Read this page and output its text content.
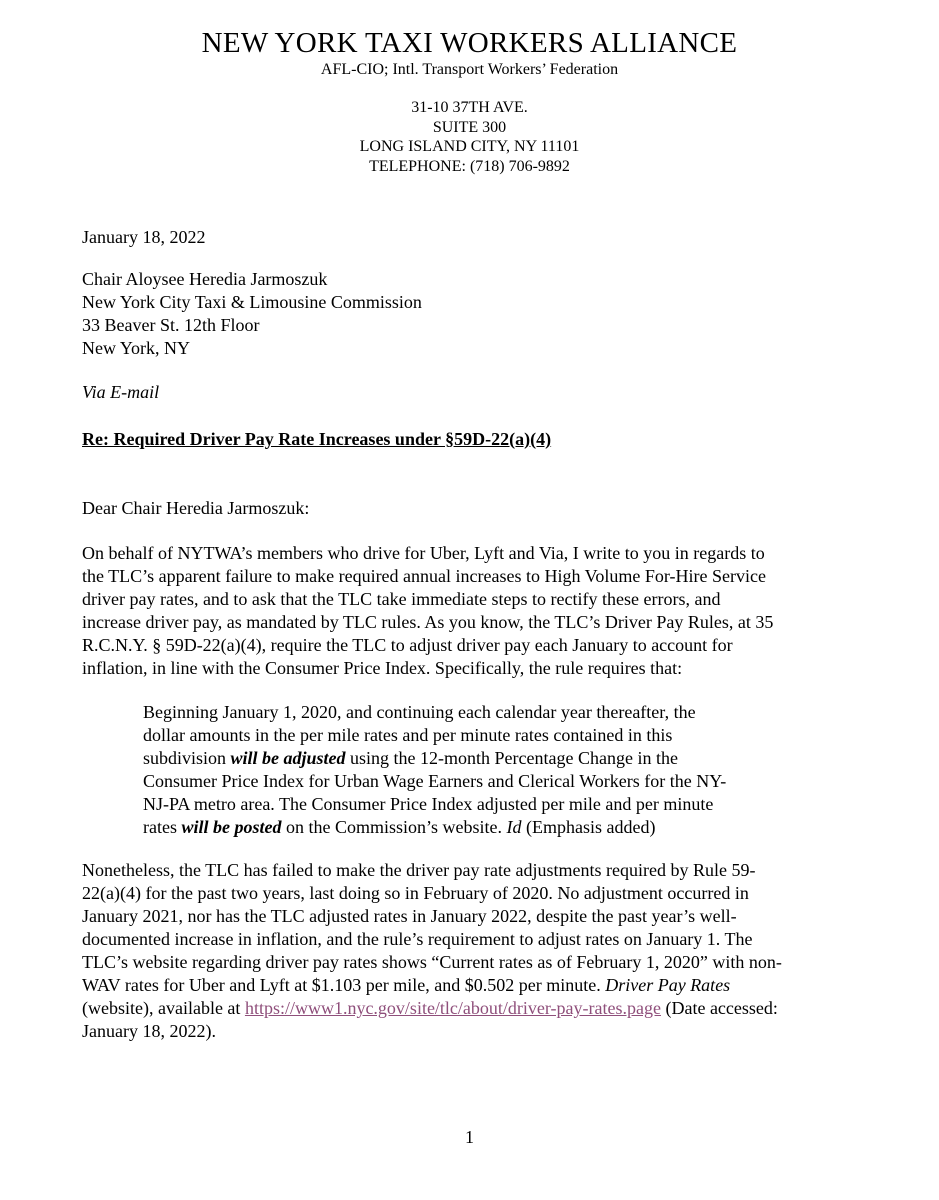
NEW YORK TAXI WORKERS ALLIANCE
AFL-CIO; Intl. Transport Workers’ Federation
31-10 37TH AVE.
SUITE 300
LONG ISLAND CITY, NY 11101
TELEPHONE: (718) 706-9892
January 18, 2022
Chair Aloysee Heredia Jarmoszuk
New York City Taxi & Limousine Commission
33 Beaver St. 12th Floor
New York, NY
Via E-mail
Re: Required Driver Pay Rate Increases under §59D-22(a)(4)
Dear Chair Heredia Jarmoszuk:
On behalf of NYTWA’s members who drive for Uber, Lyft and Via, I write to you in regards to
the TLC’s apparent failure to make required annual increases to High Volume For-Hire Service
driver pay rates, and to ask that the TLC take immediate steps to rectify these errors, and
increase driver pay, as mandated by TLC rules. As you know, the TLC’s Driver Pay Rules, at 35
R.C.N.Y. § 59D-22(a)(4), require the TLC to adjust driver pay each January to account for
inflation, in line with the Consumer Price Index. Specifically, the rule requires that:
Beginning January 1, 2020, and continuing each calendar year thereafter, the
dollar amounts in the per mile rates and per minute rates contained in this
subdivision will be adjusted using the 12-month Percentage Change in the
Consumer Price Index for Urban Wage Earners and Clerical Workers for the NY-
NJ-PA metro area. The Consumer Price Index adjusted per mile and per minute
rates will be posted on the Commission’s website. Id (Emphasis added)
Nonetheless, the TLC has failed to make the driver pay rate adjustments required by Rule 59-
22(a)(4) for the past two years, last doing so in February of 2020. No adjustment occurred in
January 2021, nor has the TLC adjusted rates in January 2022, despite the past year’s well-
documented increase in inflation, and the rule’s requirement to adjust rates on January 1. The
TLC’s website regarding driver pay rates shows “Current rates as of February 1, 2020” with non-
WAV rates for Uber and Lyft at $1.103 per mile, and $0.502 per minute. Driver Pay Rates
(website), available at https://www1.nyc.gov/site/tlc/about/driver-pay-rates.page (Date accessed:
January 18, 2022).
1
